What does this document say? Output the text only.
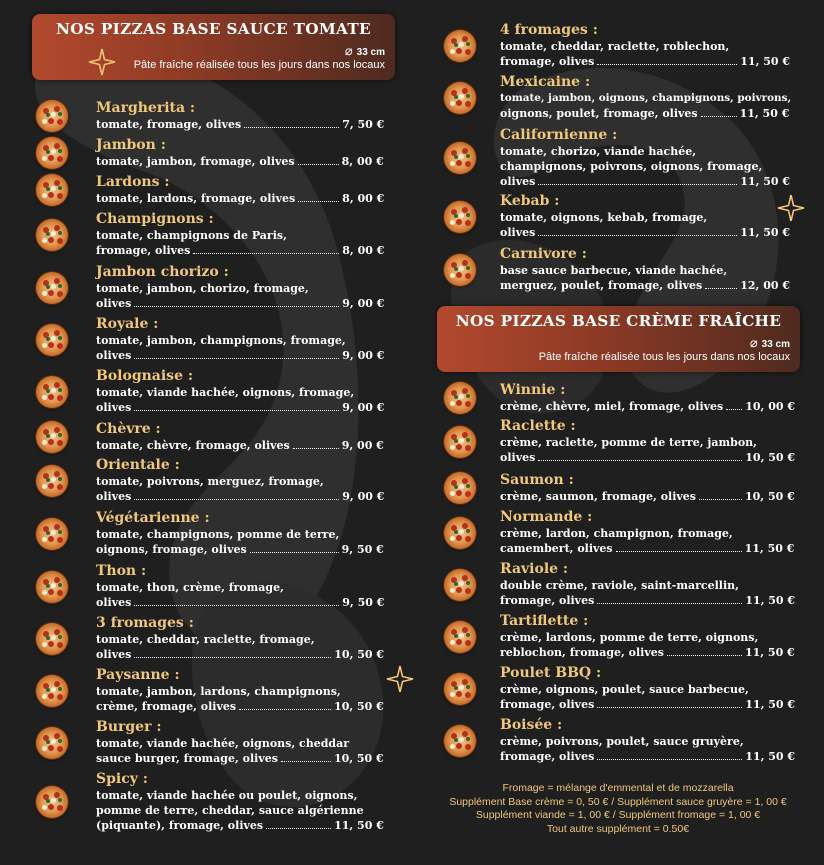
NOS PIZZAS BASE SAUCE TOMATE
⌀ 33 cm
Pâte fraîche réalisée tous les jours dans nos locaux
NOS PIZZAS BASE CRÈME FRAÎCHE
⌀ 33 cm
Pâte fraîche réalisée tous les jours dans nos locaux
Margherita :
tomate, fromage, olives	7, 50 €
Jambon :
tomate, jambon, fromage, olives	8, 00 €
Lardons :
tomate, lardons, fromage, olives	8, 00 €
Champignons :
tomate, champignons de Paris,
fromage, olives	8, 00 €
Jambon chorizo :
tomate, jambon, chorizo, fromage,
olives	9, 00 €
Royale :
tomate, jambon, champignons, fromage,
olives	9, 00 €
Bolognaise :
tomate, viande hachée, oignons, fromage,
olives	9, 00 €
Chèvre :
tomate, chèvre, fromage, olives	9, 00 €
Orientale :
tomate, poivrons, merguez, fromage,
olives	9, 00 €
Végétarienne :
tomate, champignons, pomme de terre,
oignons, fromage, olives	9, 50 €
Thon :
tomate, thon, crème, fromage,
olives	9, 50 €
3 fromages :
tomate, cheddar, raclette, fromage,
olives	10, 50 €
Paysanne :
tomate, jambon, lardons, champignons,
crème, fromage, olives	10, 50 €
Burger :
tomate, viande hachée, oignons, cheddar
sauce burger, fromage, olives	10, 50 €
Spicy :
tomate, viande hachée ou poulet, oignons,
pomme de terre, cheddar, sauce algérienne
(piquante), fromage, olives	11, 50 €
4 fromages :
tomate, cheddar, raclette, roblechon,
fromage, olives	11, 50 €
Mexicaine :
tomate, jambon, oignons, champignons, poivrons,
oignons, poulet, fromage, olives	11, 50 €
Californienne :
tomate, chorizo, viande hachée,
champignons, poivrons, oignons, fromage,
olives	11, 50 €
Kebab :
tomate, oignons, kebab, fromage,
olives	11, 50 €
Carnivore :
base sauce barbecue, viande hachée,
merguez, poulet, fromage, olives	12, 00 €
Winnie :
crème, chèvre, miel, fromage, olives 10, 00 €
Raclette :
crème, raclette, pomme de terre, jambon,
olives	10, 50 €
Saumon :
crème, saumon, fromage, olives	10, 50 €
Normande :
crème, lardon, champignon, fromage,
camembert, olives	11, 50 €
Raviole :
double crème, raviole, saint-marcellin,
fromage, olives	11, 50 €
Tartiflette :
crème, lardons, pomme de terre, oignons,
reblochon, fromage, olives	11, 50 €
Poulet BBQ :
crème, oignons, poulet, sauce barbecue,
fromage, olives	11, 50 €
Boisée :
crème, poivrons, poulet, sauce gruyère,
fromage, olives	11, 50 €
Fromage = mélange d'emmental et de mozzarella
Supplément Base crème = 0, 50 € / Supplément sauce gruyère = 1, 00 €
Supplément viande = 1, 00 € / Supplément fromage = 1, 00 €
Tout autre supplément = 0.50€
